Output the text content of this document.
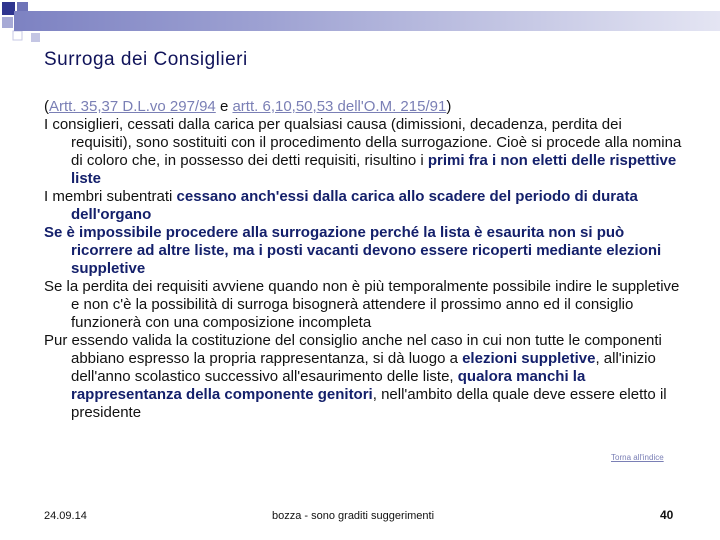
Surroga dei Consiglieri

(Artt. 35,37 D.L.vo 297/94 e artt. 6,10,50,53 dell'O.M. 215/91)

I consiglieri, cessati dalla carica per qualsiasi causa (dimissioni, decadenza, perdita dei requisiti), sono sostituiti con il procedimento della surrogazione. Cioè si procede alla nomina di coloro che, in possesso dei detti requisiti, risultino i primi fra i non eletti delle rispettive liste

I membri subentrati cessano anch'essi dalla carica allo scadere del periodo di durata dell'organo

Se è impossibile procedere alla surrogazione perché la lista è esaurita non si può ricorrere ad altre liste, ma i posti vacanti devono essere ricoperti mediante elezioni suppletive

Se la perdita dei requisiti avviene quando non è più temporalmente possibile indire le suppletive e non c'è la possibilità di surroga bisognerà attendere il prossimo anno ed il consiglio funzionerà con una composizione incompleta

Pur essendo valida la costituzione del consiglio anche nel caso in cui non tutte le componenti abbiano espresso la propria rappresentanza, si dà luogo a elezioni suppletive, all'inizio dell'anno scolastico successivo all'esaurimento delle liste, qualora manchi la rappresentanza della componente genitori, nell'ambito della quale deve essere eletto il presidente

Torna all'indice
24.09.14	bozza - sono graditi suggerimenti	40
